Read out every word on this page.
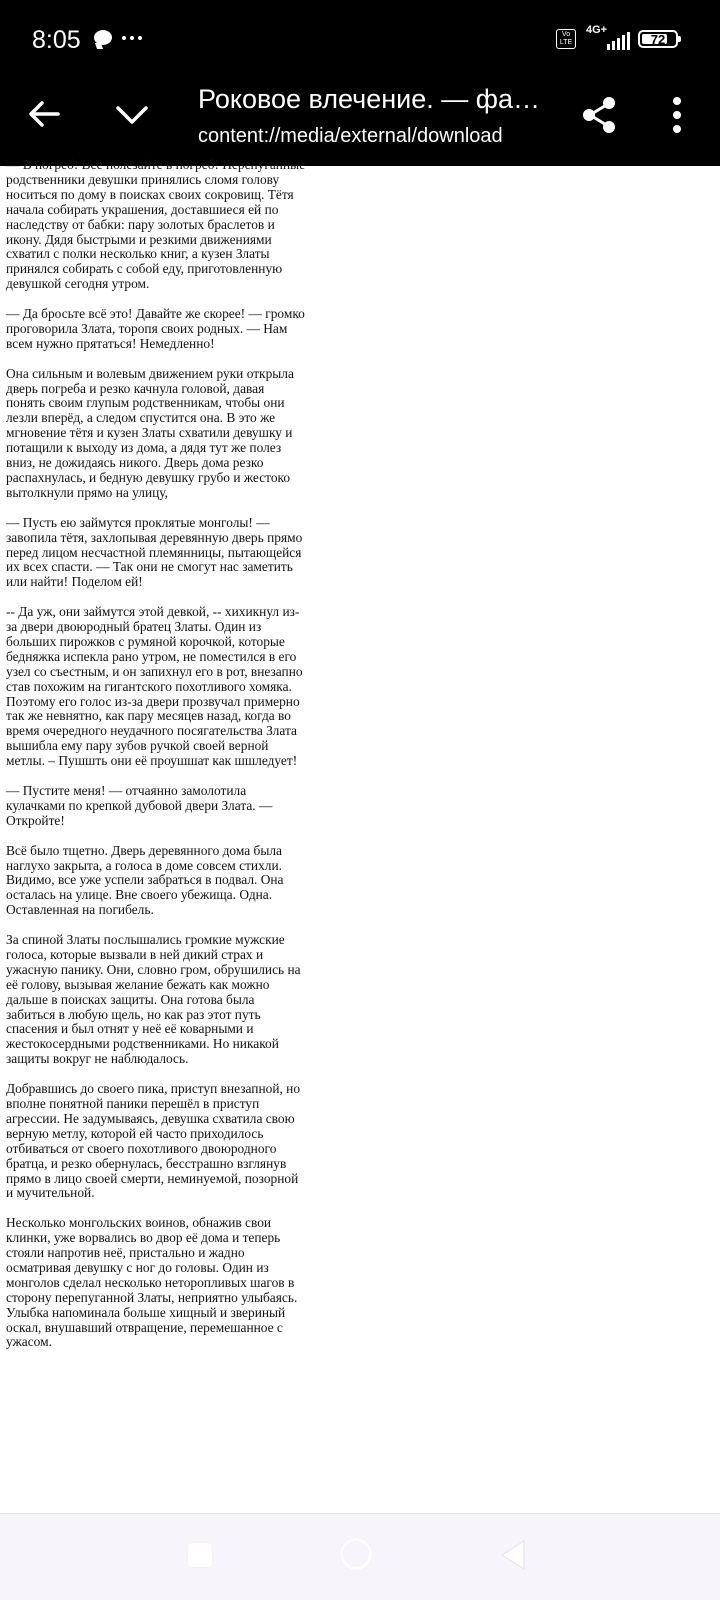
8:05	Vo LTE
4G+
72
Роковое влечение. — фа…
content://media/external/download

— В погреб! Все полезайте в погреб! Перепуганные родственники девушки принялись сломя голову носиться по дому в поисках своих сокровищ. Тётя начала собирать украшения, доставшиеся ей по наследству от бабки: пару золотых браслетов и икону. Дядя быстрыми и резкими движениями схватил с полки несколько книг, а кузен Златы принялся собирать с собой еду, приготовленную девушкой сегодня утром.

— Да бросьте всё это! Давайте же скорее! — громко проговорила Злата, торопя своих родных. — Нам всем нужно прятаться! Немедленно!

Она сильным и волевым движением руки открыла дверь погреба и резко качнула головой, давая понять своим глупым родственникам, чтобы они лезли вперёд, а следом спустится она. В это же мгновение тётя и кузен Златы схватили девушку и потащили к выходу из дома, а дядя тут же полез вниз, не дожидаясь никого. Дверь дома резко распахнулась, и бедную девушку грубо и жестоко вытолкнули прямо на улицу,

— Пусть ею займутся проклятые монголы! — завопила тётя, захлопывая деревянную дверь прямо перед лицом несчастной племянницы, пытающейся их всех спасти. — Так они не смогут нас заметить или найти! Поделом ей!

-- Да уж, они займутся этой девкой, -- хихикнул из-за двери двоюродный братец Златы. Один из больших пирожков с румяной корочкой, которые бедняжка испекла рано утром, не поместился в его узел со съестным, и он запихнул его в рот, внезапно став похожим на гигантского похотливого хомяка. Поэтому его голос из-за двери прозвучал примерно так же невнятно, как пару месяцев назад, когда во время очередного неудачного посягательства Злата вышибла ему пару зубов ручкой своей верной метлы. – Пушшть они её проушшат как шшледует!

— Пустите меня! — отчаянно замолотила кулачками по крепкой дубовой двери Злата. — Откройте!

Всё было тщетно. Дверь деревянного дома была наглухо закрыта, а голоса в доме совсем стихли. Видимо, все уже успели забраться в подвал. Она осталась на улице. Вне своего убежища. Одна. Оставленная на погибель.

За спиной Златы послышались громкие мужские голоса, которые вызвали в ней дикий страх и ужасную панику. Они, словно гром, обрушились на её голову, вызывая желание бежать как можно дальше в поисках защиты. Она готова была забиться в любую щель, но как раз этот путь спасения и был отнят у неё её коварными и жестокосердными родственниками. Но никакой защиты вокруг не наблюдалось.

Добравшись до своего пика, приступ внезапной, но вполне понятной паники перешёл в приступ агрессии. Не задумываясь, девушка схватила свою верную метлу, которой ей часто приходилось отбиваться от своего похотливого двоюродного братца, и резко обернулась, бесстрашно взглянув прямо в лицо своей смерти, неминуемой, позорной и мучительной.

Несколько монгольских воинов, обнажив свои клинки, уже ворвались во двор её дома и теперь стояли напротив неё, пристально и жадно осматривая девушку с ног до головы. Один из монголов сделал несколько неторопливых шагов в сторону перепуганной Златы, неприятно улыбаясь. Улыбка напоминала больше хищный и звериный оскал, внушавший отвращение, перемешанное с ужасом.
